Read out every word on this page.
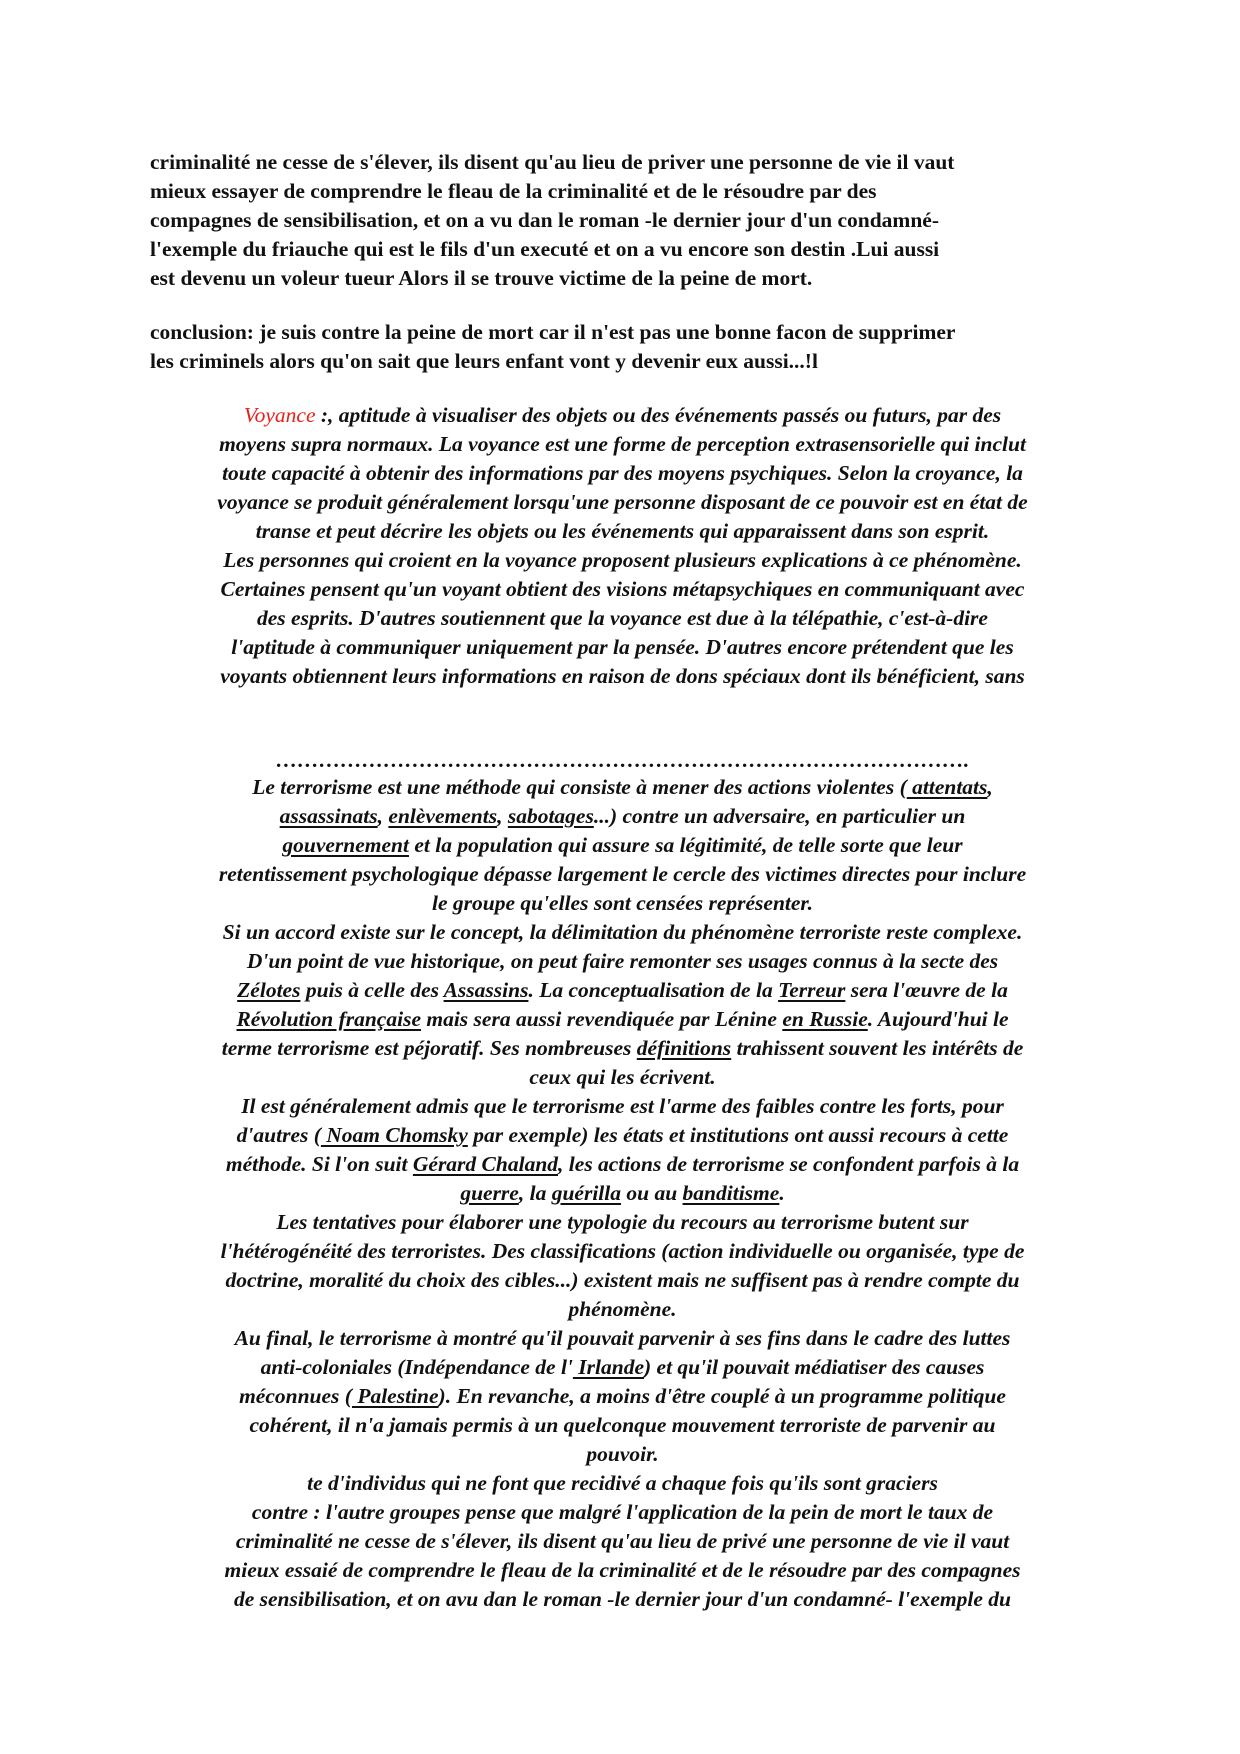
criminalité ne cesse de s'élever, ils disent qu'au lieu de priver une personne de vie il vaut
mieux essayer de comprendre le fleau de la criminalité et de le résoudre par des
compagnes de sensibilisation, et on a vu dan le roman -le dernier jour d'un condamné-
l'exemple du friauche qui est le fils d'un executé et on a vu encore son destin .Lui aussi
est devenu un voleur tueur Alors il se trouve victime de la peine de mort.
conclusion: je suis contre la peine de mort car il n'est pas une bonne facon de supprimer
les criminels alors qu'on sait que leurs enfant vont y devenir eux aussi...!l
Voyance :, aptitude à visualiser des objets ou des événements passés ou futurs, par des
moyens supra normaux. La voyance est une forme de perception extrasensorielle qui inclut
toute capacité à obtenir des informations par des moyens psychiques. Selon la croyance, la
voyance se produit généralement lorsqu'une personne disposant de ce pouvoir est en état de
transe et peut décrire les objets ou les événements qui apparaissent dans son esprit.
Les personnes qui croient en la voyance proposent plusieurs explications à ce phénomène.
Certaines pensent qu'un voyant obtient des visions métapsychiques en communiquant avec
des esprits. D'autres soutiennent que la voyance est due à la télépathie, c'est-à-dire
l'aptitude à communiquer uniquement par la pensée. D'autres encore prétendent que les
voyants obtiennent leurs informations en raison de dons spéciaux dont ils bénéficient, sans
…………………………………………………………………………………….
Le terrorisme est une méthode qui consiste à mener des actions violentes ( attentats,
assassinats, enlèvements, sabotages...) contre un adversaire, en particulier un
gouvernement et la population qui assure sa légitimité, de telle sorte que leur
retentissement psychologique dépasse largement le cercle des victimes directes pour inclure
le groupe qu'elles sont censées représenter.
Si un accord existe sur le concept, la délimitation du phénomène terroriste reste complexe.
D'un point de vue historique, on peut faire remonter ses usages connus à la secte des
Zélotes puis à celle des Assassins. La conceptualisation de la Terreur sera l'œuvre de la
Révolution française mais sera aussi revendiquée par Lénine en Russie. Aujourd'hui le
terme terrorisme est péjoratif. Ses nombreuses définitions trahissent souvent les intérêts de
ceux qui les écrivent.
Il est généralement admis que le terrorisme est l'arme des faibles contre les forts, pour
d'autres ( Noam Chomsky par exemple) les états et institutions ont aussi recours à cette
méthode. Si l'on suit Gérard Chaland, les actions de terrorisme se confondent parfois à la
guerre, la guérilla ou au banditisme.
Les tentatives pour élaborer une typologie du recours au terrorisme butent sur
l'hétérogénéité des terroristes. Des classifications (action individuelle ou organisée, type de
doctrine, moralité du choix des cibles...) existent mais ne suffisent pas à rendre compte du
phénomène.
Au final, le terrorisme à montré qu'il pouvait parvenir à ses fins dans le cadre des luttes
anti-coloniales (Indépendance de l' Irlande) et qu'il pouvait médiatiser des causes
méconnues ( Palestine). En revanche, a moins d'être couplé à un programme politique
cohérent, il n'a jamais permis à un quelconque mouvement terroriste de parvenir au
pouvoir.
te d'individus qui ne font que recidivé a chaque fois qu'ils sont graciers
contre : l'autre groupes pense que malgré l'application de la pein de mort le taux de
criminalité ne cesse de s'élever, ils disent qu'au lieu de privé une personne de vie il vaut
mieux essaié de comprendre le fleau de la criminalité et de le résoudre par des compagnes
de sensibilisation, et on avu dan le roman -le dernier jour d'un condamné- l'exemple du
